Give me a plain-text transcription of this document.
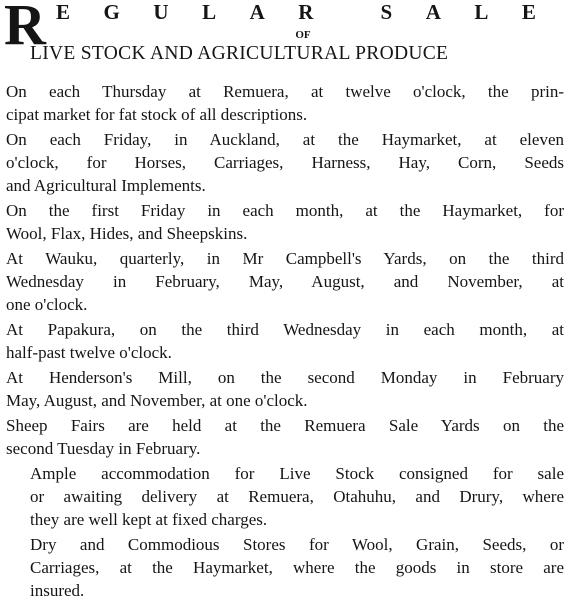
R E G U L A R	S A L E
OF
LIVE STOCK AND AGRICULTURAL PRODUCE

On each Thursday at Remuera, at twelve o'clock, the prin-
cipat market for fat stock of all descriptions.

On each Friday, in Auckland, at the Haymarket, at eleven
o'clock, for Horses, Carriages, Harness, Hay, Corn, Seeds
and Agricultural Implements.

On the first Friday in each month, at the Haymarket, for
Wool, Flax, Hides, and Sheepskins.

At Wauku, quarterly, in Mr Campbell's Yards, on the third
Wednesday in February, May, August, and November, at
one o'clock.

At Papakura, on the third Wednesday in each month, at
half-past twelve o'clock.

At Henderson's Mill, on the second Monday in February
May, August, and November, at one o'clock.

Sheep Fairs are held at the Remuera Sale Yards on the
second Tuesday in February.

Ample accommodation for Live Stock consigned for sale
or awaiting delivery at Remuera, Otahuhu, and Drury, where
they are well kept at fixed charges.

Dry and Commodious Stores for Wool, Grain, Seeds, or
Carriages, at the Haymarket, where the goods in store are
insured.
